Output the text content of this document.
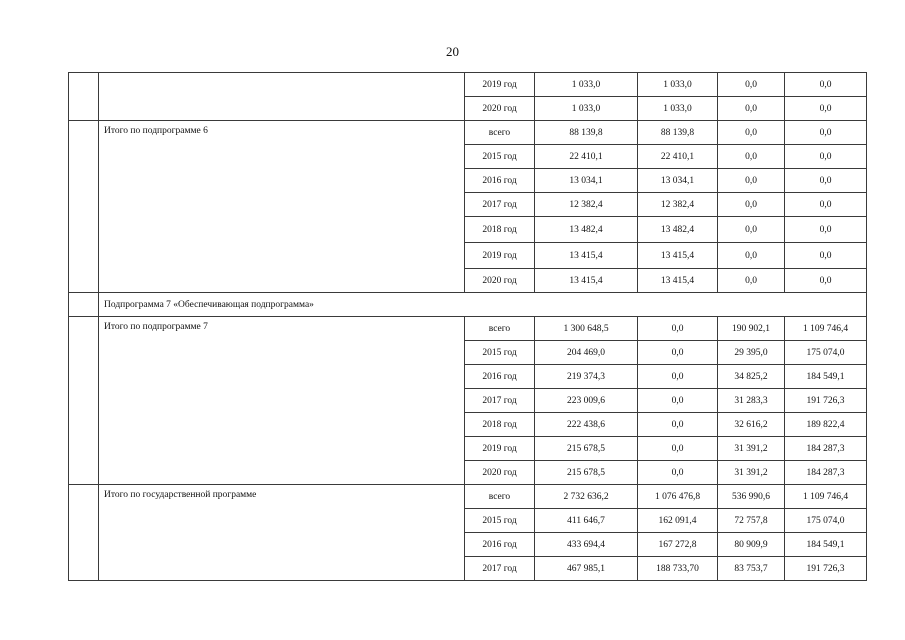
20
		2019 год	1 033,0	1 033,0	0,0	0,0
		2020 год	1 033,0	1 033,0	0,0	0,0
	Итого по подпрограмме 6	всего	88 139,8	88 139,8	0,0	0,0
		2015 год	22 410,1	22 410,1	0,0	0,0
		2016 год	13 034,1	13 034,1	0,0	0,0
		2017 год	12 382,4	12 382,4	0,0	0,0
		2018 год	13 482,4	13 482,4	0,0	0,0
		2019 год	13 415,4	13 415,4	0,0	0,0
		2020 год	13 415,4	13 415,4	0,0	0,0
	Подпрограмма 7 «Обеспечивающая подпрограмма»					
	Итого по подпрограмме 7	всего	1 300 648,5	0,0	190 902,1	1 109 746,4
		2015 год	204 469,0	0,0	29 395,0	175 074,0
		2016 год	219 374,3	0,0	34 825,2	184 549,1
		2017 год	223 009,6	0,0	31 283,3	191 726,3
		2018 год	222 438,6	0,0	32 616,2	189 822,4
		2019 год	215 678,5	0,0	31 391,2	184 287,3
		2020 год	215 678,5	0,0	31 391,2	184 287,3
	Итого по государственной программе	всего	2 732 636,2	1 076 476,8	536 990,6	1 109 746,4
		2015 год	411 646,7	162 091,4	72 757,8	175 074,0
		2016 год	433 694,4	167 272,8	80 909,9	184 549,1
		2017 год	467 985,1	188 733,70	83 753,7	191 726,3
